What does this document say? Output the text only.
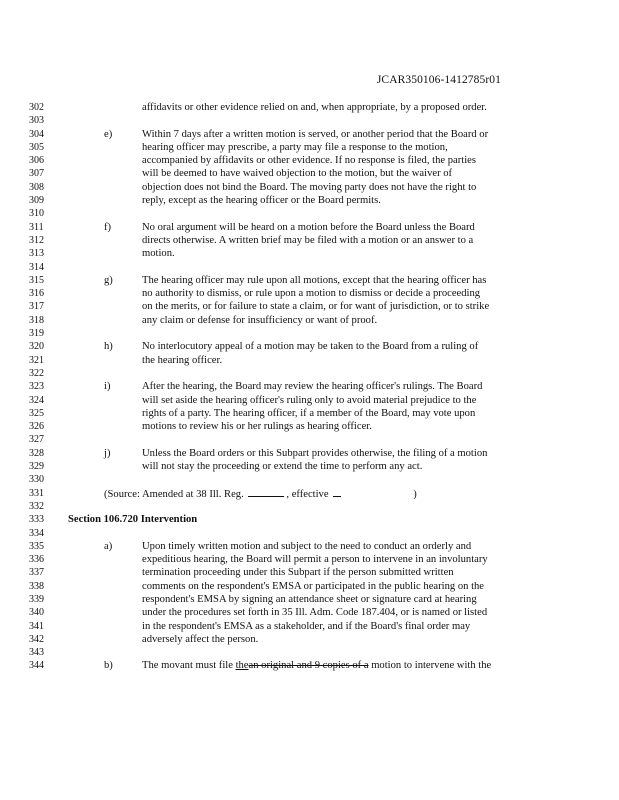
JCAR350106-1412785r01
302	affidavits or other evidence relied on and, when appropriate, by a proposed order.
303
304	e)	Within 7 days after a written motion is served, or another period that the Board or
305	hearing officer may prescribe, a party may file a response to the motion,
306	accompanied by affidavits or other evidence. If no response is filed, the parties
307	will be deemed to have waived objection to the motion, but the waiver of
308	objection does not bind the Board. The moving party does not have the right to
309	reply, except as the hearing officer or the Board permits.
310
311	f)	No oral argument will be heard on a motion before the Board unless the Board
312	directs otherwise. A written brief may be filed with a motion or an answer to a
313	motion.
314
315	g)	The hearing officer may rule upon all motions, except that the hearing officer has
316	no authority to dismiss, or rule upon a motion to dismiss or decide a proceeding
317	on the merits, or for failure to state a claim, or for want of jurisdiction, or to strike
318	any claim or defense for insufficiency or want of proof.
319
320	h)	No interlocutory appeal of a motion may be taken to the Board from a ruling of
321	the hearing officer.
322
323	i)	After the hearing, the Board may review the hearing officer's rulings. The Board
324	will set aside the hearing officer's ruling only to avoid material prejudice to the
325	rights of a party. The hearing officer, if a member of the Board, may vote upon
326	motions to review his or her rulings as hearing officer.
327
328	j)	Unless the Board orders or this Subpart provides otherwise, the filing of a motion
329	will not stay the proceeding or extend the time to perform any act.
330
331	(Source: Amended at 38 Ill. Reg.	, effective	)
332
333	Section 106.720 Intervention
334
335	a)	Upon timely written motion and subject to the need to conduct an orderly and
336	expeditious hearing, the Board will permit a person to intervene in an involuntary
337	termination proceeding under this Subpart if the person submitted written
338	comments on the respondent's EMSA or participated in the public hearing on the
339	respondent's EMSA by signing an attendance sheet or signature card at hearing
340	under the procedures set forth in 35 Ill. Adm. Code 187.404, or is named or listed
341	in the respondent's EMSA as a stakeholder, and if the Board's final order may
342	adversely affect the person.
343
344	b)	The movant must file thean original and 9 copies of a motion to intervene with the
